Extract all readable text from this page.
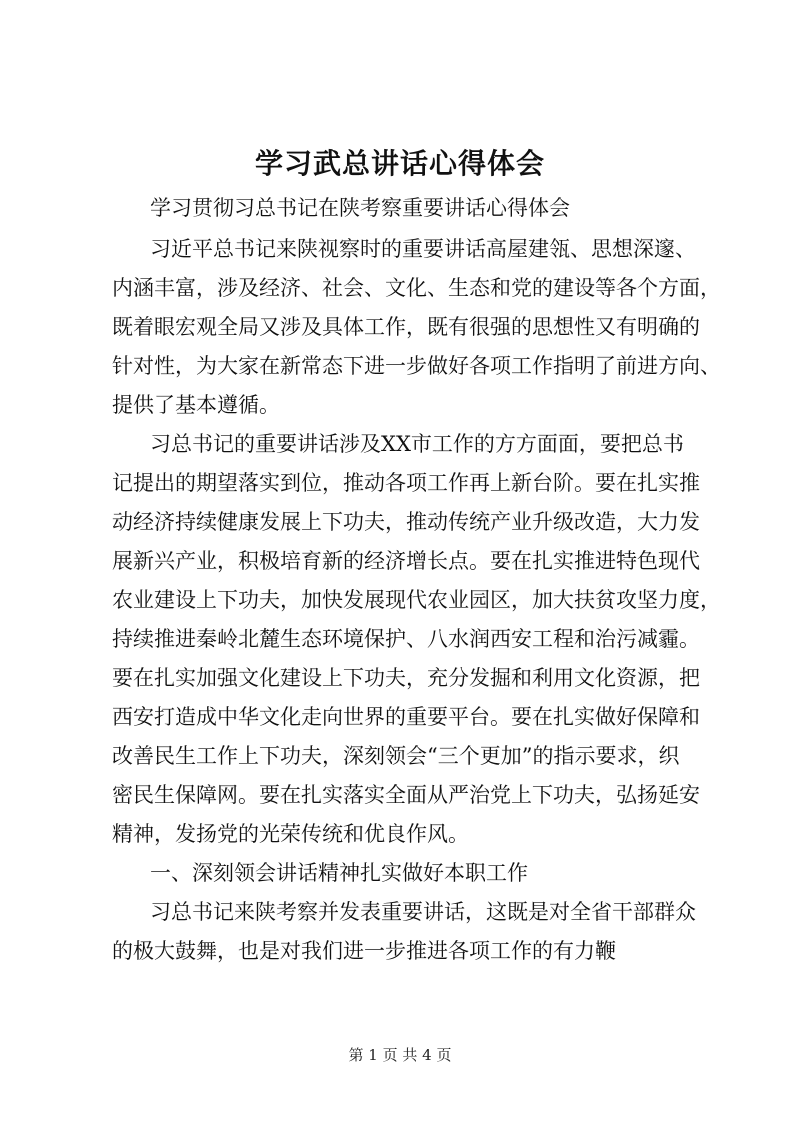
学习武总讲话心得体会
学习贯彻习总书记在陕考察重要讲话心得体会
习近平总书记来陕视察时的重要讲话高屋建瓴、思想深邃、
内涵丰富，涉及经济、社会、文化、生态和党的建设等各个方面，
既着眼宏观全局又涉及具体工作，既有很强的思想性又有明确的
针对性，为大家在新常态下进一步做好各项工作指明了前进方向、
提供了基本遵循。
习总书记的重要讲话涉及XX市工作的方方面面，要把总书
记提出的期望落实到位，推动各项工作再上新台阶。要在扎实推
动经济持续健康发展上下功夫，推动传统产业升级改造，大力发
展新兴产业，积极培育新的经济增长点。要在扎实推进特色现代
农业建设上下功夫，加快发展现代农业园区，加大扶贫攻坚力度，
持续推进秦岭北麓生态环境保护、八水润西安工程和治污减霾。
要在扎实加强文化建设上下功夫，充分发掘和利用文化资源，把
西安打造成中华文化走向世界的重要平台。要在扎实做好保障和
改善民生工作上下功夫，深刻领会“三个更加”的指示要求，织
密民生保障网。要在扎实落实全面从严治党上下功夫，弘扬延安
精神，发扬党的光荣传统和优良作风。
一、深刻领会讲话精神扎实做好本职工作
习总书记来陕考察并发表重要讲话，这既是对全省干部群众
的极大鼓舞，也是对我们进一步推进各项工作的有力鞭
第 1 页 共 4 页
